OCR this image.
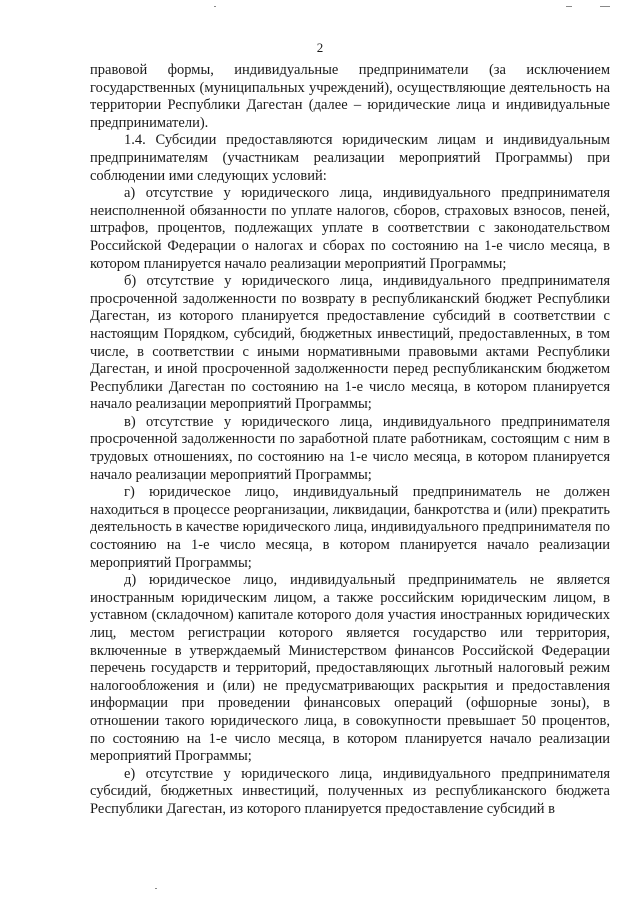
2

правовой формы, индивидуальные предприниматели (за исключением государственных (муниципальных учреждений), осуществляющие деятельность на территории Республики Дагестан (далее – юридические лица и индивидуальные предприниматели).

1.4. Субсидии предоставляются юридическим лицам и индивидуальным предпринимателям (участникам реализации мероприятий Программы) при соблюдении ими следующих условий:

а) отсутствие у юридического лица, индивидуального предпринимателя неисполненной обязанности по уплате налогов, сборов, страховых взносов, пеней, штрафов, процентов, подлежащих уплате в соответствии с законодательством Российской Федерации о налогах и сборах по состоянию на 1-е число месяца, в котором планируется начало реализации мероприятий Программы;

б) отсутствие у юридического лица, индивидуального предпринимателя просроченной задолженности по возврату в республиканский бюджет Республики Дагестан, из которого планируется предоставление субсидий в соответствии с настоящим Порядком, субсидий, бюджетных инвестиций, предоставленных, в том числе, в соответствии с иными нормативными правовыми актами Республики Дагестан, и иной просроченной задолженности перед республиканским бюджетом Республики Дагестан по состоянию на 1-е число месяца, в котором планируется начало реализации мероприятий Программы;

в) отсутствие у юридического лица, индивидуального предпринимателя просроченной задолженности по заработной плате работникам, состоящим с ним в трудовых отношениях, по состоянию на 1-е число месяца, в котором планируется начало реализации мероприятий Программы;

г) юридическое лицо, индивидуальный предприниматель не должен находиться в процессе реорганизации, ликвидации, банкротства и (или) прекратить деятельность в качестве юридического лица, индивидуального предпринимателя по состоянию на 1-е число месяца, в котором планируется начало реализации мероприятий Программы;

д) юридическое лицо, индивидуальный предприниматель не является иностранным юридическим лицом, а также российским юридическим лицом, в уставном (складочном) капитале которого доля участия иностранных юридических лиц, местом регистрации которого является государство или территория, включенные в утверждаемый Министерством финансов Российской Федерации перечень государств и территорий, предоставляющих льготный налоговый режим налогообложения и (или) не предусматривающих раскрытия и предоставления информации при проведении финансовых операций (офшорные зоны), в отношении такого юридического лица, в совокупности превышает 50 процентов, по состоянию на 1-е число месяца, в котором планируется начало реализации мероприятий Программы;

е) отсутствие у юридического лица, индивидуального предпринимателя субсидий, бюджетных инвестиций, полученных из республиканского бюджета Республики Дагестан, из которого планируется предоставление субсидий в
